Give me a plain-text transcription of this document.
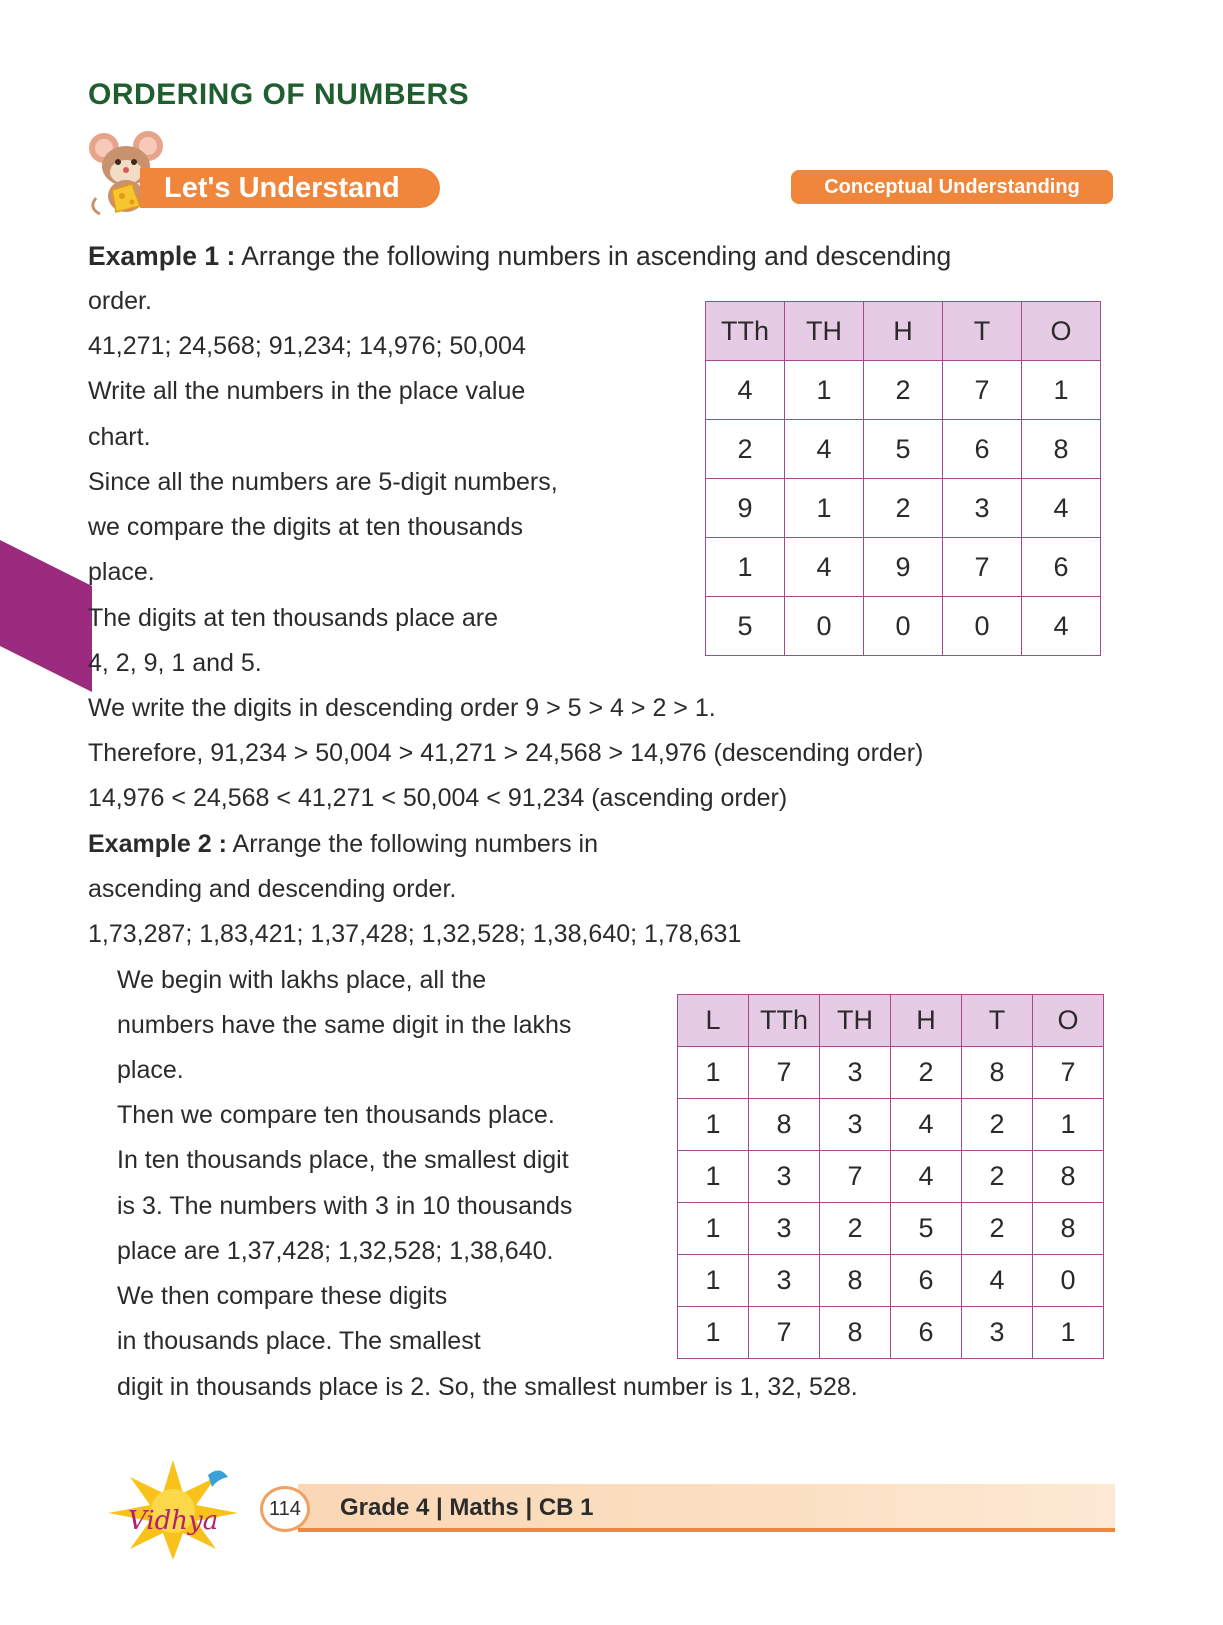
ORDERING OF NUMBERS
Let's Understand	Conceptual Understanding
Example 1 : Arrange the following numbers in ascending and descending
order.
41,271; 24,568; 91,234; 14,976; 50,004
Write all the numbers in the place value
chart.
Since all the numbers are 5-digit numbers,
we compare the digits at ten thousands
place.
The digits at ten thousands place are
4, 2, 9, 1 and 5.
We write the digits in descending order 9 > 5 > 4 > 2 > 1.
Therefore, 91,234 > 50,004 > 41,271 > 24,568 > 14,976 (descending order)
14,976 < 24,568 < 41,271 < 50,004 < 91,234 (ascending order)
TTh	TH	H	T	O
4	1	2	7	1
2	4	5	6	8
9	1	2	3	4
1	4	9	7	6
5	0	0	0	4
Example 2 : Arrange the following numbers in
ascending and descending order.
1,73,287; 1,83,421; 1,37,428; 1,32,528; 1,38,640; 1,78,631
We begin with lakhs place, all the
numbers have the same digit in the lakhs
place.
Then we compare ten thousands place.
In ten thousands place, the smallest digit
is 3. The numbers with 3 in 10 thousands
place are 1,37,428; 1,32,528; 1,38,640.
We then compare these digits
in thousands place. The smallest
digit in thousands place is 2. So, the smallest number is 1, 32, 528.
L	TTh	TH	H	T	O
1	7	3	2	8	7
1	8	3	4	2	1
1	3	7	4	2	8
1	3	2	5	2	8
1	3	8	6	4	0
1	7	8	6	3	1
Vidhya	114	Grade 4 | Maths | CB 1
